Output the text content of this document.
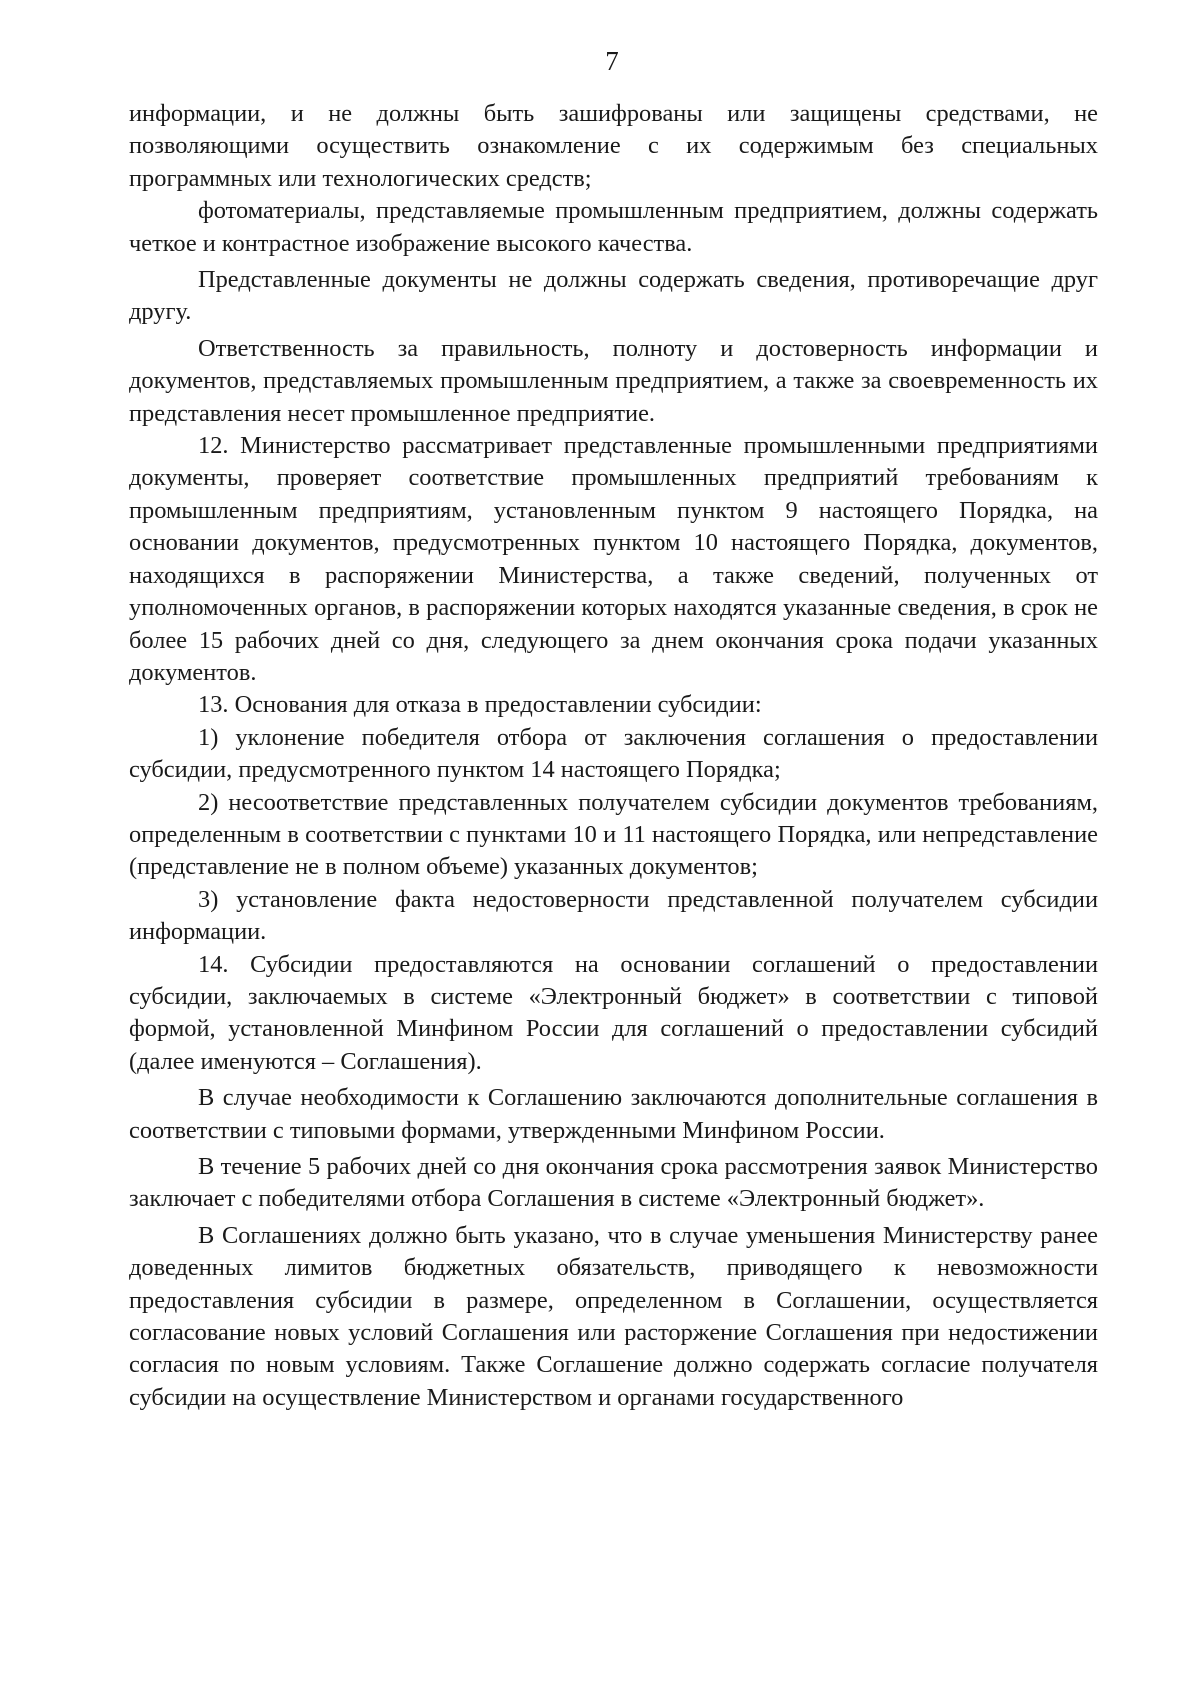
7

информации, и не должны быть зашифрованы или защищены средствами, не позволяющими осуществить ознакомление с их содержимым без специальных программных или технологических средств;

фотоматериалы, представляемые промышленным предприятием, должны содержать четкое и контрастное изображение высокого качества.

Представленные документы не должны содержать сведения, противоречащие друг другу.

Ответственность за правильность, полноту и достоверность информации и документов, представляемых промышленным предприятием, а также за своевременность их представления несет промышленное предприятие.

12. Министерство рассматривает представленные промышленными предприятиями документы, проверяет соответствие промышленных предприятий требованиям к промышленным предприятиям, установленным пунктом 9 настоящего Порядка, на основании документов, предусмотренных пунктом 10 настоящего Порядка, документов, находящихся в распоряжении Министерства, а также сведений, полученных от уполномоченных органов, в распоряжении которых находятся указанные сведения, в срок не более 15 рабочих дней со дня, следующего за днем окончания срока подачи указанных документов.

13. Основания для отказа в предоставлении субсидии:

1) уклонение победителя отбора от заключения соглашения о предоставлении субсидии, предусмотренного пунктом 14 настоящего Порядка;

2) несоответствие представленных получателем субсидии документов требованиям, определенным в соответствии с пунктами 10 и 11 настоящего Порядка, или непредставление (представление не в полном объеме) указанных документов;

3) установление факта недостоверности представленной получателем субсидии информации.

14. Субсидии предоставляются на основании соглашений о предоставлении субсидии, заключаемых в системе «Электронный бюджет» в соответствии с типовой формой, установленной Минфином России для соглашений о предоставлении субсидий (далее именуются – Соглашения).

В случае необходимости к Соглашению заключаются дополнительные соглашения в соответствии с типовыми формами, утвержденными Минфином России.

В течение 5 рабочих дней со дня окончания срока рассмотрения заявок Министерство заключает с победителями отбора Соглашения в системе «Электронный бюджет».

В Соглашениях должно быть указано, что в случае уменьшения Министерству ранее доведенных лимитов бюджетных обязательств, приводящего к невозможности предоставления субсидии в размере, определенном в Соглашении, осуществляется согласование новых условий Соглашения или расторжение Соглашения при недостижении согласия по новым условиям. Также Соглашение должно содержать согласие получателя субсидии на осуществление Министерством и органами государственного
